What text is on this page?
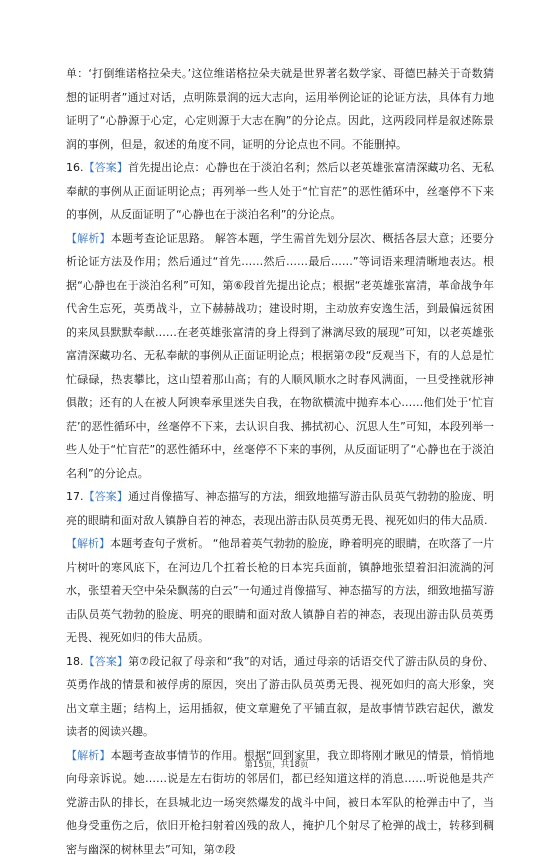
单：‘打倒维诺格拉朵夫。’这位维诺格拉朵夫就是世界著名数学家、哥德巴赫关于奇数猜想的证明者”通过对话，点明陈景润的远大志向，运用举例论证的论证方法，具体有力地证明了“心静源于心定，心定则源于大志在胸”的分论点。因此，这两段同样是叙述陈景润的事例，但是，叙述的角度不同，证明的分论点也不同。不能删掉。

16.【答案】首先提出论点：心静也在于淡泊名利；然后以老英雄张富清深藏功名、无私奉献的事例从正面证明论点；再列举一些人处于“忙盲茫”的恶性循环中，丝毫停不下来的事例，从反面证明了“心静也在于淡泊名利”的分论点。

【解析】本题考查论证思路。 解答本题，学生需首先划分层次、概括各层大意；还要分析论证方法及作用；然后通过“首先……然后……最后……”等词语来理清晰地表达。根据“心静也在于淡泊名利”可知，第⑥段首先提出论点；根据“老英雄张富清，革命战争年代舍生忘死，英勇战斗，立下赫赫战功；建设时期，主动放弃安逸生活，到最偏远贫困的来凤县默默奉献……在老英雄张富清的身上得到了淋漓尽致的展现”可知，以老英雄张富清深藏功名、无私奉献的事例从正面证明论点；根据第⑦段“反观当下，有的人总是忙忙碌碌，热衷攀比，这山望着那山高；有的人顺风顺水之时春风满面，一旦受挫就形神俱散；还有的人在被人阿谀奉承里迷失自我，在物欲横流中抛弃本心……他们处于‘忙盲茫’的恶性循环中，丝毫停不下来，去认识自我、拂拭初心、沉思人生”可知，本段列举一些人处于“忙盲茫”的恶性循环中，丝毫停不下来的事例，从反面证明了“心静也在于淡泊名利”的分论点。

17.【答案】通过肖像描写、神态描写的方法，细致地描写游击队员英气勃勃的脸庞、明亮的眼睛和面对敌人镇静自若的神态，表现出游击队员英勇无畏、视死如归的伟大品质.

【解析】本题考查句子赏析。 “他昂着英气勃勃的脸庞，睁着明亮的眼睛，在吹落了一片片树叶的寒风底下，在河边几个扛着长枪的日本宪兵面前，镇静地张望着汩汩流淌的河水，张望着天空中朵朵飘荡的白云”一句通过肖像描写、神态描写的方法，细致地描写游击队员英气勃勃的脸庞、明亮的眼睛和面对敌人镇静自若的神态，表现出游击队员英勇无畏、视死如归的伟大品质。

18.【答案】第⑦段记叙了母亲和“我”的对话，通过母亲的话语交代了游击队员的身份、英勇作战的情景和被俘虏的原因，突出了游击队员英勇无畏、视死如归的高大形象，突出文章主题；结构上，运用插叙，使文章避免了平铺直叙，是故事情节跌宕起伏，激发读者的阅读兴趣。

【解析】本题考查故事情节的作用。根据“回到家里，我立即将刚才瞅见的情景，悄悄地向母亲诉说。她……说是左右街坊的邻居们，都已经知道这样的消息……听说他是共产党游击队的排长，在县城北边一场突然爆发的战斗中间，被日本军队的枪弹击中了，当他身受重伤之后，依旧开枪扫射着凶残的敌人，掩护几个射尽了枪弹的战士，转移到稠密与幽深的树林里去”可知，第⑦段

第15页，共18页
